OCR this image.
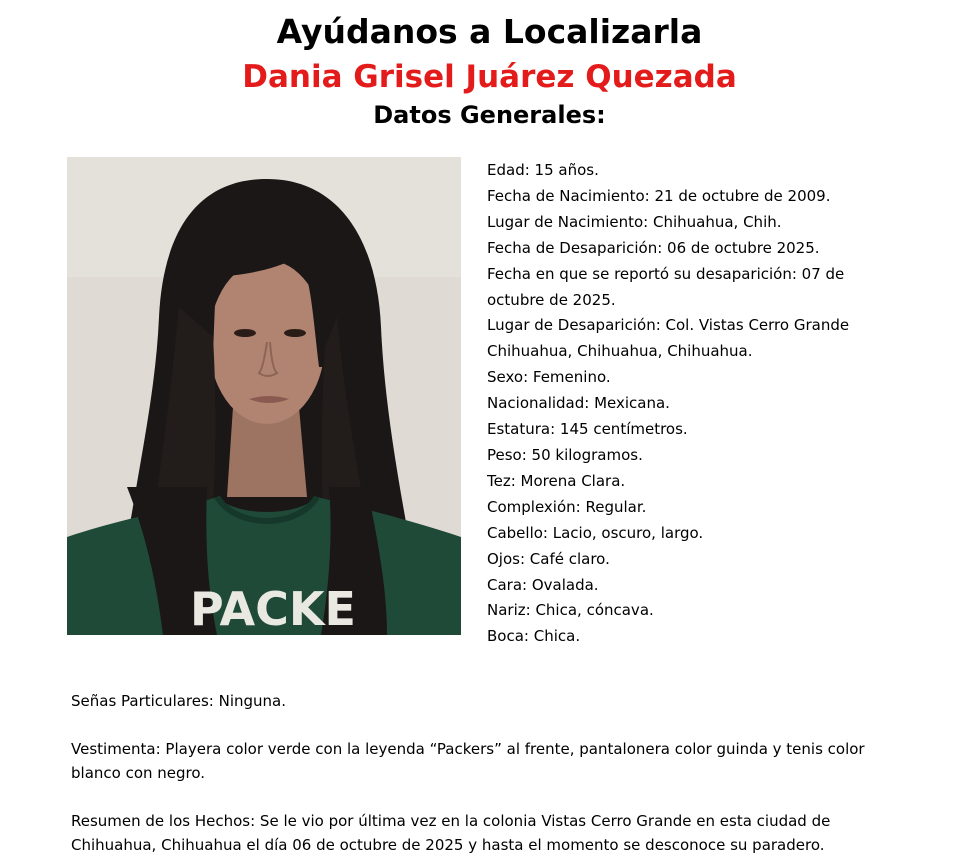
Ayúdanos a Localizarla
Dania Grisel Juárez Quezada
Datos Generales:
PACKE
Edad: 15 años.
Fecha de Nacimiento: 21 de octubre de 2009.
Lugar de Nacimiento: Chihuahua, Chih.
Fecha de Desaparición: 06 de octubre 2025.
Fecha en que se reportó su desaparición: 07 de
octubre de 2025.
Lugar de Desaparición: Col. Vistas Cerro Grande
Chihuahua, Chihuahua, Chihuahua.
Sexo: Femenino.
Nacionalidad: Mexicana.
Estatura: 145 centímetros.
Peso: 50 kilogramos.
Tez: Morena Clara.
Complexión: Regular.
Cabello: Lacio, oscuro, largo.
Ojos: Café claro.
Cara: Ovalada.
Nariz: Chica, cóncava.
Boca: Chica.

Señas Particulares: Ninguna.

Vestimenta: Playera color verde con la leyenda “Packers” al frente, pantalonera color guinda y tenis color
blanco con negro.

Resumen de los Hechos: Se le vio por última vez en la colonia Vistas Cerro Grande en esta ciudad de
Chihuahua, Chihuahua el día 06 de octubre de 2025 y hasta el momento se desconoce su paradero.
